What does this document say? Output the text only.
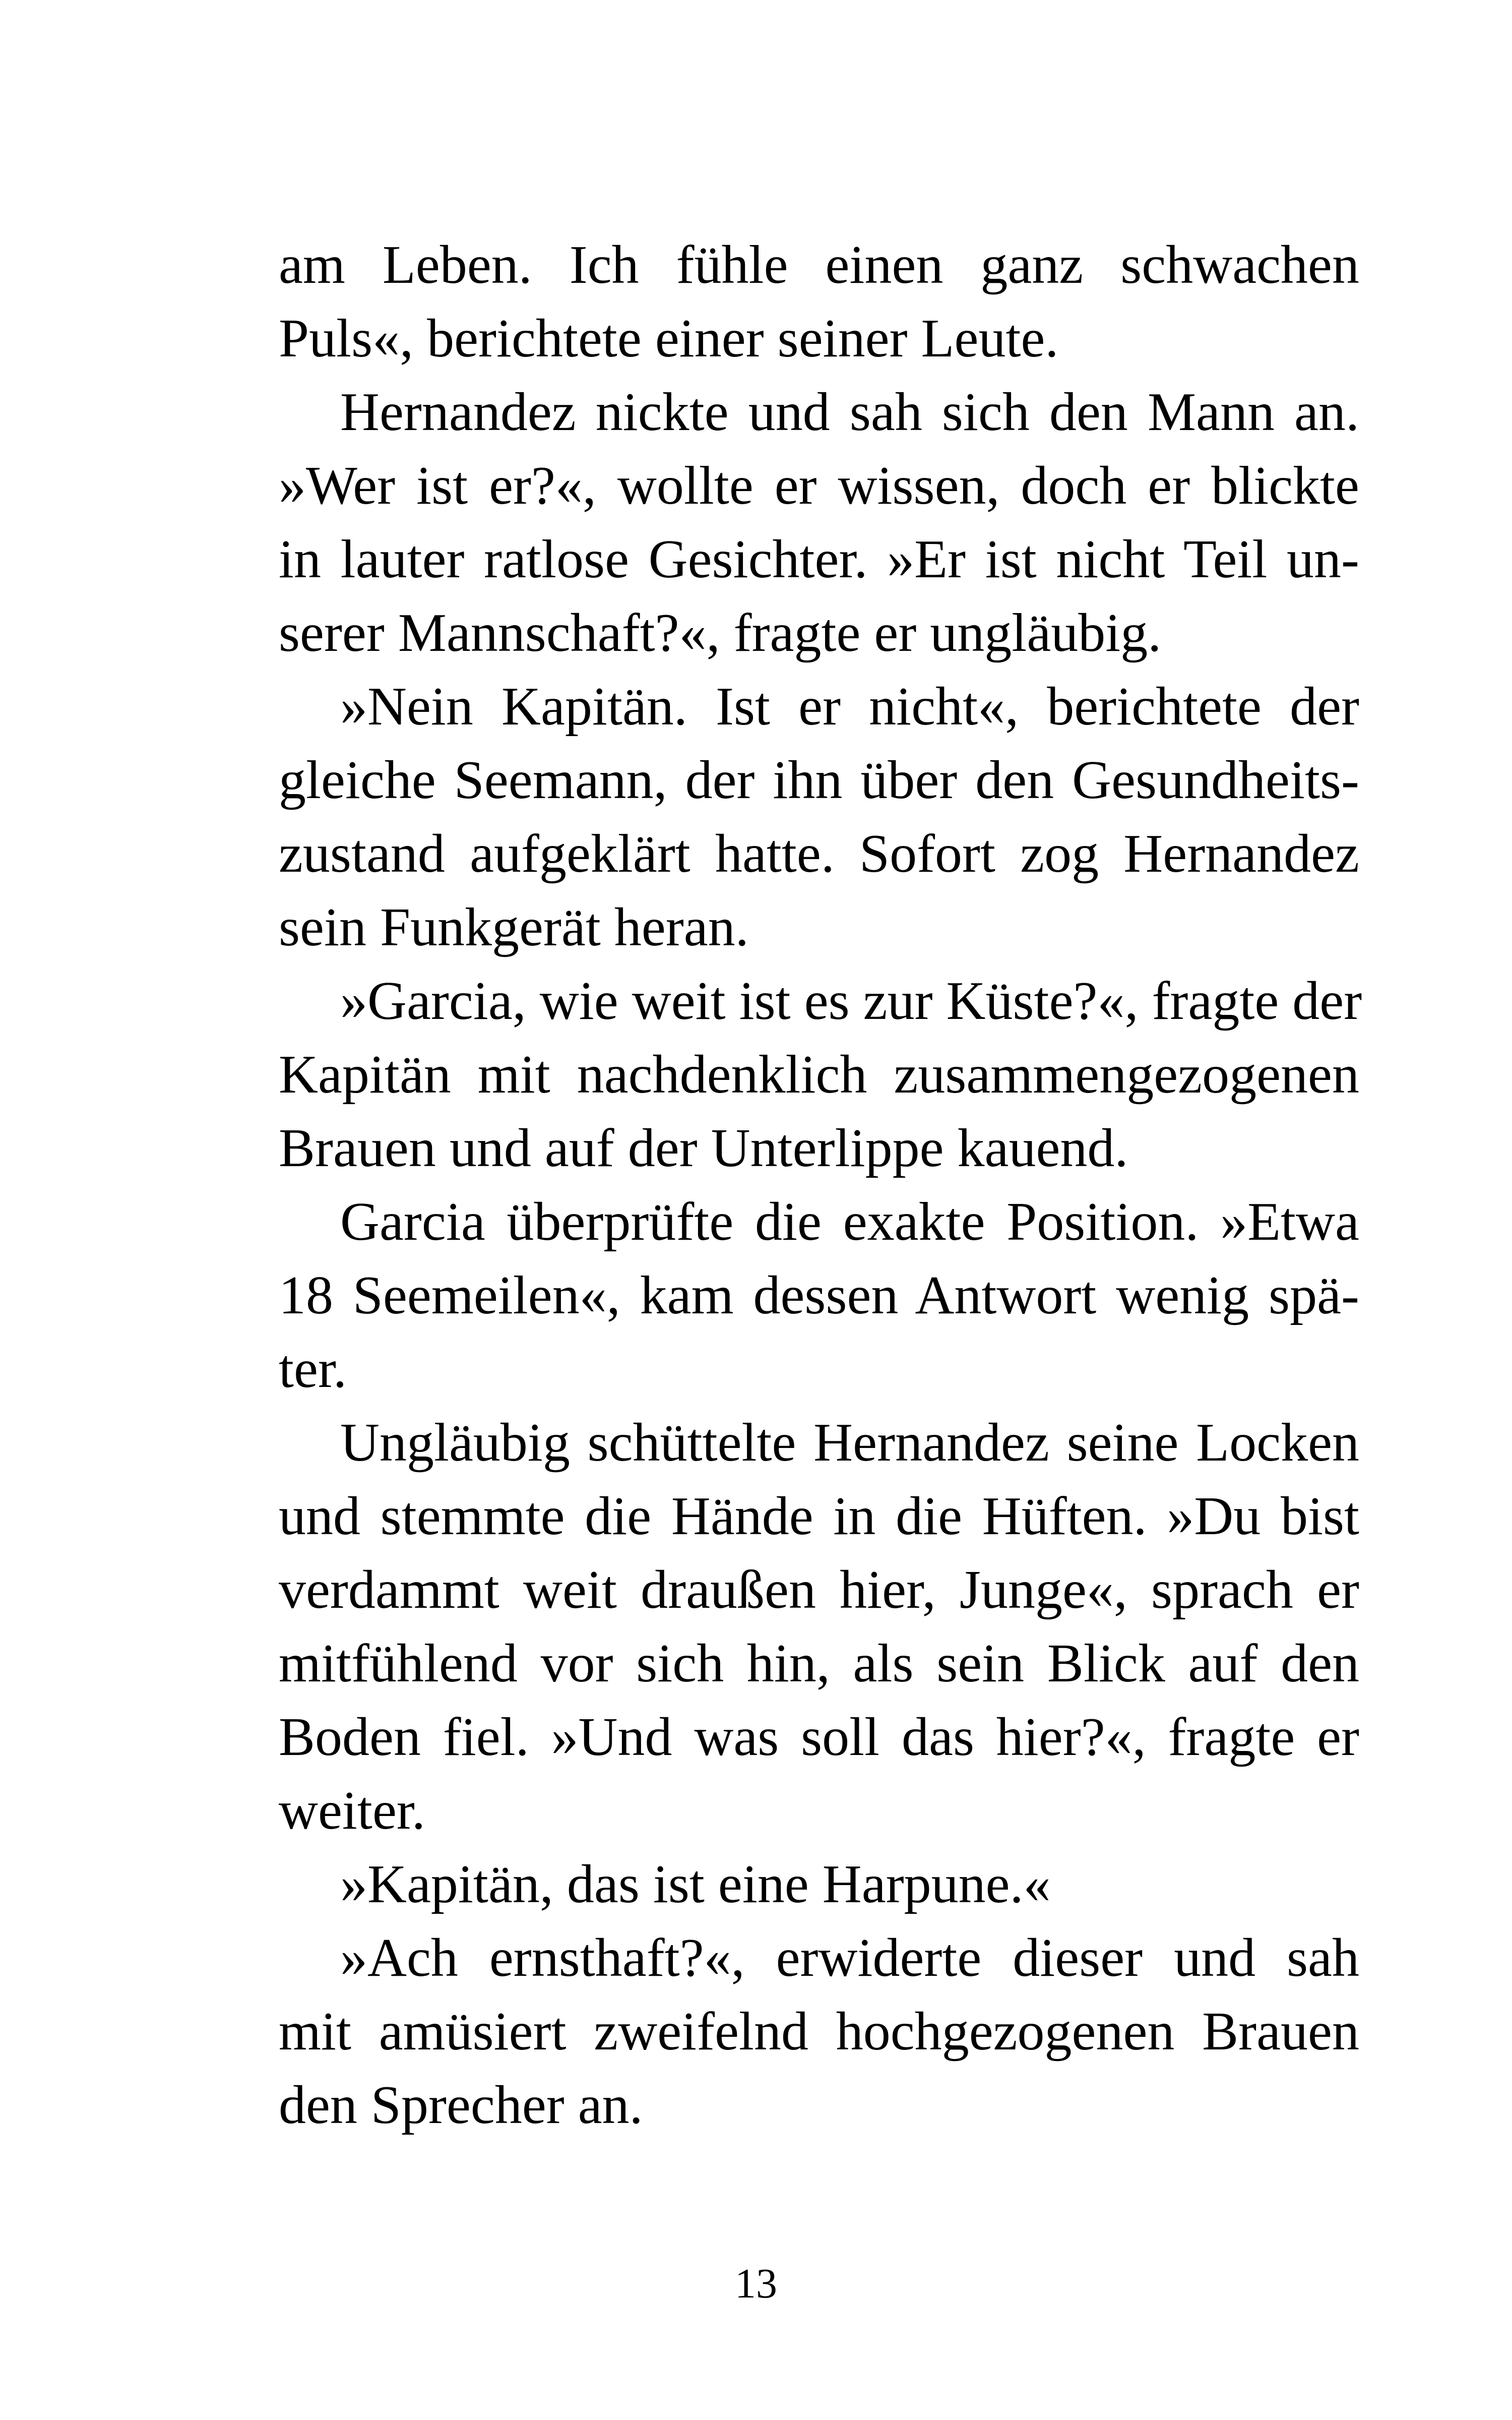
am Leben. Ich fühle einen ganz schwachen
Puls«, berichtete einer seiner Leute.
Hernandez nickte und sah sich den Mann an.
»Wer ist er?«, wollte er wissen, doch er blickte
in lauter ratlose Gesichter. »Er ist nicht Teil un-
serer Mannschaft?«, fragte er ungläubig.
»Nein Kapitän. Ist er nicht«, berichtete der
gleiche Seemann, der ihn über den Gesundheits-
zustand aufgeklärt hatte. Sofort zog Hernandez
sein Funkgerät heran.
»Garcia, wie weit ist es zur Küste?«, fragte der
Kapitän mit nachdenklich zusammengezogenen
Brauen und auf der Unterlippe kauend.
Garcia überprüfte die exakte Position. »Etwa
18 Seemeilen«, kam dessen Antwort wenig spä-
ter.
Ungläubig schüttelte Hernandez seine Locken
und stemmte die Hände in die Hüften. »Du bist
verdammt weit draußen hier, Junge«, sprach er
mitfühlend vor sich hin, als sein Blick auf den
Boden fiel. »Und was soll das hier?«, fragte er
weiter.
»Kapitän, das ist eine Harpune.«
»Ach ernsthaft?«, erwiderte dieser und sah
mit amüsiert zweifelnd hochgezogenen Brauen
den Sprecher an.
13
